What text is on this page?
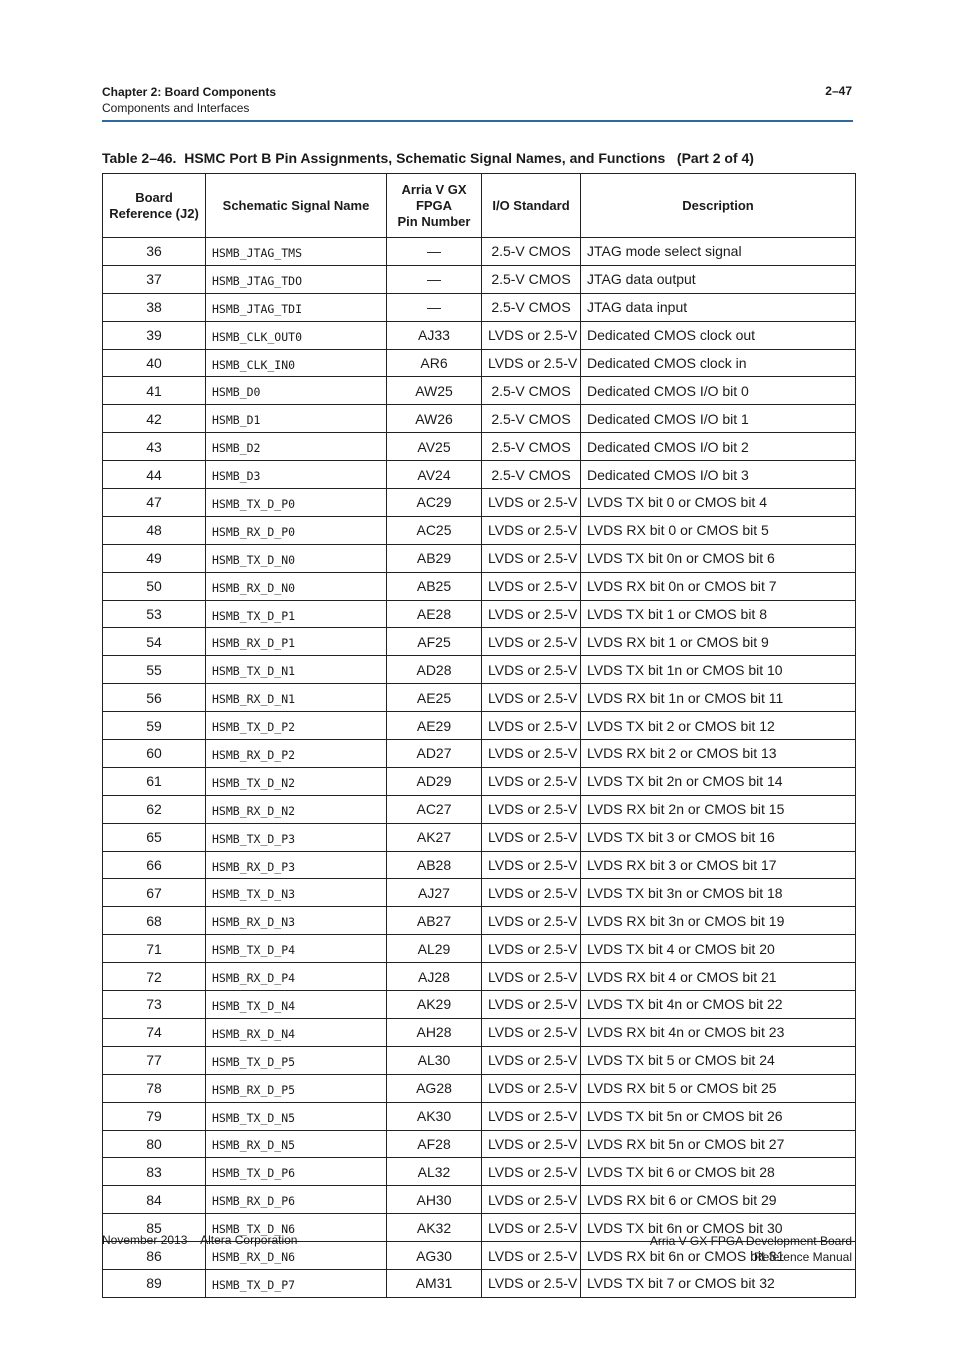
Chapter 2: Board Components
Components and Interfaces
2–47
Table 2–46.  HSMC Port B Pin Assignments, Schematic Signal Names, and Functions   (Part 2 of 4)
Board
Reference (J2)	Schematic Signal Name	Arria V GX
FPGA
Pin Number	I/O Standard	Description
36	HSMB_JTAG_TMS	—	2.5-V CMOS	JTAG mode select signal
37	HSMB_JTAG_TDO	—	2.5-V CMOS	JTAG data output
38	HSMB_JTAG_TDI	—	2.5-V CMOS	JTAG data input
39	HSMB_CLK_OUT0	AJ33	LVDS or 2.5-V	Dedicated CMOS clock out
40	HSMB_CLK_IN0	AR6	LVDS or 2.5-V	Dedicated CMOS clock in
41	HSMB_D0	AW25	2.5-V CMOS	Dedicated CMOS I/O bit 0
42	HSMB_D1	AW26	2.5-V CMOS	Dedicated CMOS I/O bit 1
43	HSMB_D2	AV25	2.5-V CMOS	Dedicated CMOS I/O bit 2
44	HSMB_D3	AV24	2.5-V CMOS	Dedicated CMOS I/O bit 3
47	HSMB_TX_D_P0	AC29	LVDS or 2.5-V	LVDS TX bit 0 or CMOS bit 4
48	HSMB_RX_D_P0	AC25	LVDS or 2.5-V	LVDS RX bit 0 or CMOS bit 5
49	HSMB_TX_D_N0	AB29	LVDS or 2.5-V	LVDS TX bit 0n or CMOS bit 6
50	HSMB_RX_D_N0	AB25	LVDS or 2.5-V	LVDS RX bit 0n or CMOS bit 7
53	HSMB_TX_D_P1	AE28	LVDS or 2.5-V	LVDS TX bit 1 or CMOS bit 8
54	HSMB_RX_D_P1	AF25	LVDS or 2.5-V	LVDS RX bit 1 or CMOS bit 9
55	HSMB_TX_D_N1	AD28	LVDS or 2.5-V	LVDS TX bit 1n or CMOS bit 10
56	HSMB_RX_D_N1	AE25	LVDS or 2.5-V	LVDS RX bit 1n or CMOS bit 11
59	HSMB_TX_D_P2	AE29	LVDS or 2.5-V	LVDS TX bit 2 or CMOS bit 12
60	HSMB_RX_D_P2	AD27	LVDS or 2.5-V	LVDS RX bit 2 or CMOS bit 13
61	HSMB_TX_D_N2	AD29	LVDS or 2.5-V	LVDS TX bit 2n or CMOS bit 14
62	HSMB_RX_D_N2	AC27	LVDS or 2.5-V	LVDS RX bit 2n or CMOS bit 15
65	HSMB_TX_D_P3	AK27	LVDS or 2.5-V	LVDS TX bit 3 or CMOS bit 16
66	HSMB_RX_D_P3	AB28	LVDS or 2.5-V	LVDS RX bit 3 or CMOS bit 17
67	HSMB_TX_D_N3	AJ27	LVDS or 2.5-V	LVDS TX bit 3n or CMOS bit 18
68	HSMB_RX_D_N3	AB27	LVDS or 2.5-V	LVDS RX bit 3n or CMOS bit 19
71	HSMB_TX_D_P4	AL29	LVDS or 2.5-V	LVDS TX bit 4 or CMOS bit 20
72	HSMB_RX_D_P4	AJ28	LVDS or 2.5-V	LVDS RX bit 4 or CMOS bit 21
73	HSMB_TX_D_N4	AK29	LVDS or 2.5-V	LVDS TX bit 4n or CMOS bit 22
74	HSMB_RX_D_N4	AH28	LVDS or 2.5-V	LVDS RX bit 4n or CMOS bit 23
77	HSMB_TX_D_P5	AL30	LVDS or 2.5-V	LVDS TX bit 5 or CMOS bit 24
78	HSMB_RX_D_P5	AG28	LVDS or 2.5-V	LVDS RX bit 5 or CMOS bit 25
79	HSMB_TX_D_N5	AK30	LVDS or 2.5-V	LVDS TX bit 5n or CMOS bit 26
80	HSMB_RX_D_N5	AF28	LVDS or 2.5-V	LVDS RX bit 5n or CMOS bit 27
83	HSMB_TX_D_P6	AL32	LVDS or 2.5-V	LVDS TX bit 6 or CMOS bit 28
84	HSMB_RX_D_P6	AH30	LVDS or 2.5-V	LVDS RX bit 6 or CMOS bit 29
85	HSMB_TX_D_N6	AK32	LVDS or 2.5-V	LVDS TX bit 6n or CMOS bit 30
86	HSMB_RX_D_N6	AG30	LVDS or 2.5-V	LVDS RX bit 6n or CMOS bit 31
89	HSMB_TX_D_P7	AM31	LVDS or 2.5-V	LVDS TX bit 7 or CMOS bit 32
November 2013 Altera Corporation	Arria V GX FPGA Development Board
Reference Manual
